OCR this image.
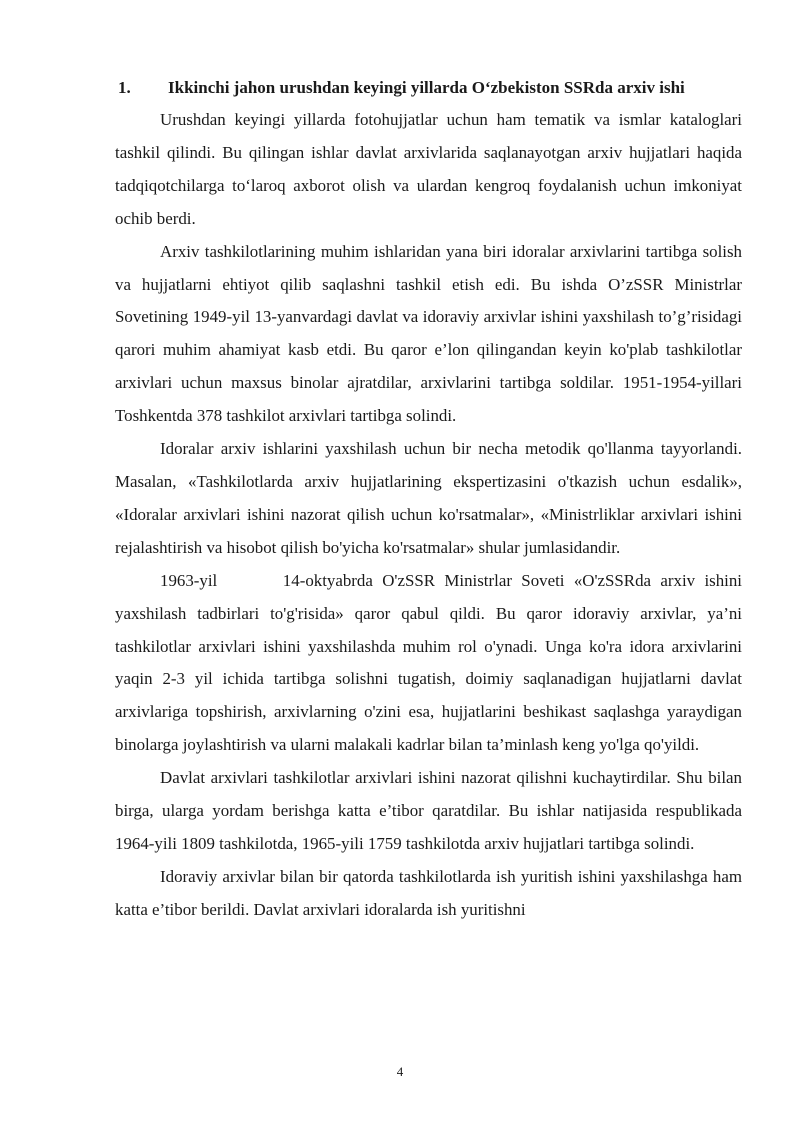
1. Ikkinchi jahon urushdan keyingi yillarda O‘zbekiston SSRda arxiv ishi

Urushdan keyingi yillarda fotohujjatlar uchun ham tematik va ismlar kataloglari tashkil qilindi. Bu qilingan ishlar davlat arxivlarida saqlanayotgan arxiv hujjatlari haqida tadqiqotchilarga to‘laroq axborot olish va ulardan kengroq foydalanish uchun imkoniyat ochib berdi.

Arxiv tashkilotlarining muhim ishlaridan yana biri idoralar arxivlarini tartibga solish va hujjatlarni ehtiyot qilib saqlashni tashkil etish edi. Bu ishda O’zSSR Ministrlar Sovetining 1949-yil 13-yanvardagi davlat va idoraviy arxivlar ishini yaxshilash to’g’risidagi qarori muhim ahamiyat kasb etdi. Bu qaror e’lon qilingandan keyin ko'plab tashkilotlar arxivlari uchun maxsus binolar ajratdilar, arxivlarini tartibga soldilar. 1951-1954-yillari Toshkentda 378 tashkilot arxivlari tartibga solindi.

Idoralar arxiv ishlarini yaxshilash uchun bir necha metodik qo'llanma tayyorlandi. Masalan, «Tashkilotlarda arxiv hujjatlarining ekspertizasini o'tkazish uchun esdalik», «Idoralar arxivlari ishini nazorat qilish uchun ko'rsatmalar», «Ministrliklar arxivlari ishini rejalashtirish va hisobot qilish bo'yicha ko'rsatmalar» shular jumlasidandir.

1963-yil       14-oktyabrda O'zSSR Ministrlar Soveti «O'zSSRda arxiv ishini yaxshilash tadbirlari to'g'risida» qaror qabul qildi. Bu qaror idoraviy arxivlar, ya’ni tashkilotlar arxivlari ishini yaxshilashda muhim rol o'ynadi. Unga ko'ra idora arxivlarini yaqin 2-3 yil ichida tartibga solishni tugatish, doimiy saqlanadigan hujjatlarni davlat arxivlariga topshirish, arxivlarning o'zini esa, hujjatlarini beshikast saqlashga yaraydigan binolarga joylashtirish va ularni malakali kadrlar bilan ta’minlash keng yo'lga qo'yildi.

Davlat arxivlari tashkilotlar arxivlari ishini nazorat qilishni kuchaytirdilar. Shu bilan birga, ularga yordam berishga katta e’tibor qaratdilar. Bu ishlar natijasida respublikada 1964-yili 1809 tashkilotda, 1965-yili 1759 tashkilotda arxiv hujjatlari tartibga solindi.

Idoraviy arxivlar bilan bir qatorda tashkilotlarda ish yuritish ishini yaxshilashga ham katta e’tibor berildi. Davlat arxivlari idoralarda ish yuritishni

4
